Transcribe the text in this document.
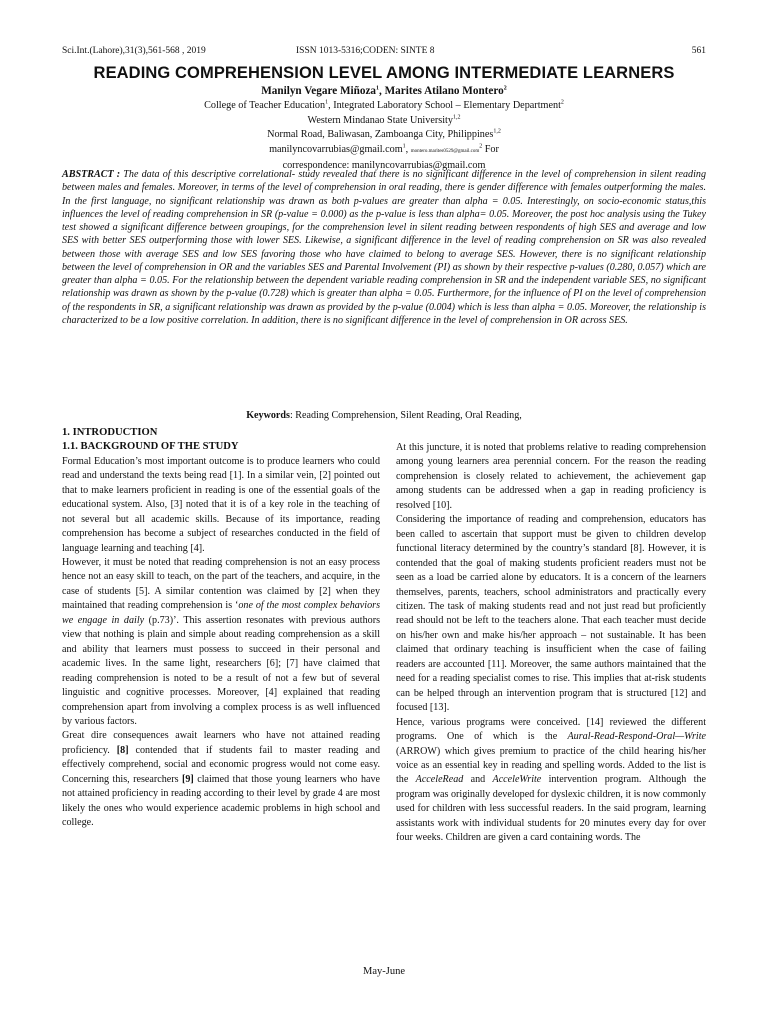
Sci.Int.(Lahore),31(3),561-568 , 2019	ISSN 1013-5316;CODEN: SINTE 8	561
READING COMPREHENSION LEVEL AMONG INTERMEDIATE LEARNERS
Manilyn Vegare Miñoza$^1$, Marites Atilano Montero$^2$
College of Teacher Education$^1$, Integrated Laboratory School – Elementary Department$^2$
Western Mindanao State University$^{1,2}$
Normal Road, Baliwasan, Zamboanga City, Philippines$^{1,2}$
manilyncovarrubias@gmail.com$^1$, montero.marites0529@gmail.com$^2$ For
correspondence: manilyncovarrubias@gmail.com
ABSTRACT : The data of this descriptive correlational- study revealed that there is no significant difference in the level of comprehension in silent reading between males and females. Moreover, in terms of the level of comprehension in oral reading, there is gender difference with females outperforming the males. In the first language, no significant relationship was drawn as both p-values are greater than alpha = 0.05. Interestingly, on socio-economic status,this influences the level of reading comprehension in SR (p-value = 0.000) as the p-value is less than alpha= 0.05. Moreover, the post hoc analysis using the Tukey test showed a significant difference between groupings, for the comprehension level in silent reading between respondents of high SES and average and low SES with better SES outperforming those with lower SES. Likewise, a significant difference in the level of reading comprehension on SR was also revealed between those with average SES and low SES favoring those who have claimed to belong to average SES. However, there is no significant relationship between the level of comprehension in OR and the variables SES and Parental Involvement (PI) as shown by their respective p-values (0.280, 0.057) which are greater than alpha = 0.05. For the relationship between the dependent variable reading comprehension in SR and the independent variable SES, no significant relationship was drawn as shown by the p-value (0.728) which is greater than alpha = 0.05. Furthermore, for the influence of PI on the level of comprehension of the respondents in SR, a significant relationship was drawn as provided by the p-value (0.004) which is less than alpha = 0.05. Moreover, the relationship is characterized to be a low positive correlation. In addition, there is no significant difference in the level of comprehension in OR across SES.
Keywords: Reading Comprehension, Silent Reading, Oral Reading,
1. INTRODUCTION
1.1. BACKGROUND OF THE STUDY

Formal Education’s most important outcome is to produce learners who could read and understand the texts being read [1]. In a similar vein, [2] pointed out that to make learners proficient in reading is one of the essential goals of the educational system. Also, [3] noted that it is of a key role in the teaching of not several but all academic skills. Because of its importance, reading comprehension has become a subject of researches conducted in the field of language learning and teaching [4].

However, it must be noted that reading comprehension is not an easy process hence not an easy skill to teach, on the part of the teachers, and acquire, in the case of students [5]. A similar contention was claimed by [2] when they maintained that reading comprehension is ‘one of the most complex behaviors we engage in daily (p.73)’. This assertion resonates with previous authors view that nothing is plain and simple about reading comprehension as a skill and ability that learners must possess to succeed in their personal and academic lives. In the same light, researchers [6]; [7] have claimed that reading comprehension is noted to be a result of not a few but of several linguistic and cognitive processes. Moreover, [4] explained that reading comprehension apart from involving a complex process is as well influenced by various factors.

Great dire consequences await learners who have not attained reading proficiency. [8] contended that if students fail to master reading and effectively comprehend, social and economic progress would not come easy. Concerning this, researchers [9] claimed that those young learners who have not attained proficiency in reading according to their level by grade 4 are most likely the ones who would experience academic problems in high school and college.

At this juncture, it is noted that problems relative to reading comprehension among young learners area perennial concern. For the reason the reading comprehension is closely related to achievement, the achievement gap among students can be addressed when a gap in reading proficiency is resolved [10].

Considering the importance of reading and comprehension, educators has been called to ascertain that support must be given to children develop functional literacy determined by the country’s standard [8]. However, it is contended that the goal of making students proficient readers must not be seen as a load be carried alone by educators. It is a concern of the learners themselves, parents, teachers, school administrators and practically every citizen. The task of making students read and not just read but proficiently read should not be left to the teachers alone. That each teacher must decide on his/her own and make his/her approach – not sustainable. It has been claimed that ordinary teaching is insufficient when the case of failing readers are accounted [11]. Moreover, the same authors maintained that the need for a reading specialist comes to rise. This implies that at-risk students can be helped through an intervention program that is structured [12] and focused [13].

Hence, various programs were conceived. [14] reviewed the different programs. One of which is the Aural-Read-Respond-Oral—Write (ARROW) which gives premium to practice of the child hearing his/her voice as an essential key in reading and spelling words. Added to the list is the AcceleRead and AcceleWrite intervention program. Although the program was originally developed for dyslexic children, it is now commonly used for children with less successful readers. In the said program, learning assistants work with individual students for 20 minutes every day for over four weeks. Children are given a card containing words. The

May-June
